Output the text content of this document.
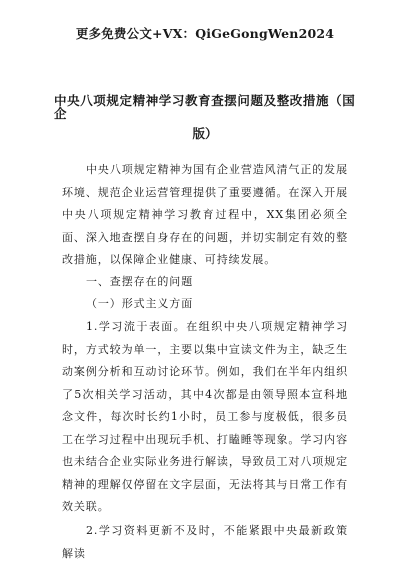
更多免费公文+VX：QiGeGongWen2024
中央八项规定精神学习教育查摆问题及整改措施（国企
版）
中央八项规定精神为国有企业营造风清气正的发展环境、规范企业运营管理提供了重要遵循。在深入开展中央八项规定精神学习教育过程中，XX集团必须全面、深入地查摆自身存在的问题，并切实制定有效的整改措施，以保障企业健康、可持续发展。
一、查摆存在的问题
（一）形式主义方面
1.学习流于表面。在组织中央八项规定精神学习时，方式较为单一，主要以集中宣读文件为主，缺乏生动案例分析和互动讨论环节。例如，我们在半年内组织了5次相关学习活动，其中4次都是由领导照本宣科地念文件，每次时长约1小时，员工参与度极低，很多员工在学习过程中出现玩手机、打瞌睡等现象。学习内容也未结合企业实际业务进行解读，导致员工对八项规定精神的理解仅停留在文字层面，无法将其与日常工作有效关联。
2.学习资料更新不及时，不能紧跟中央最新政策解读
